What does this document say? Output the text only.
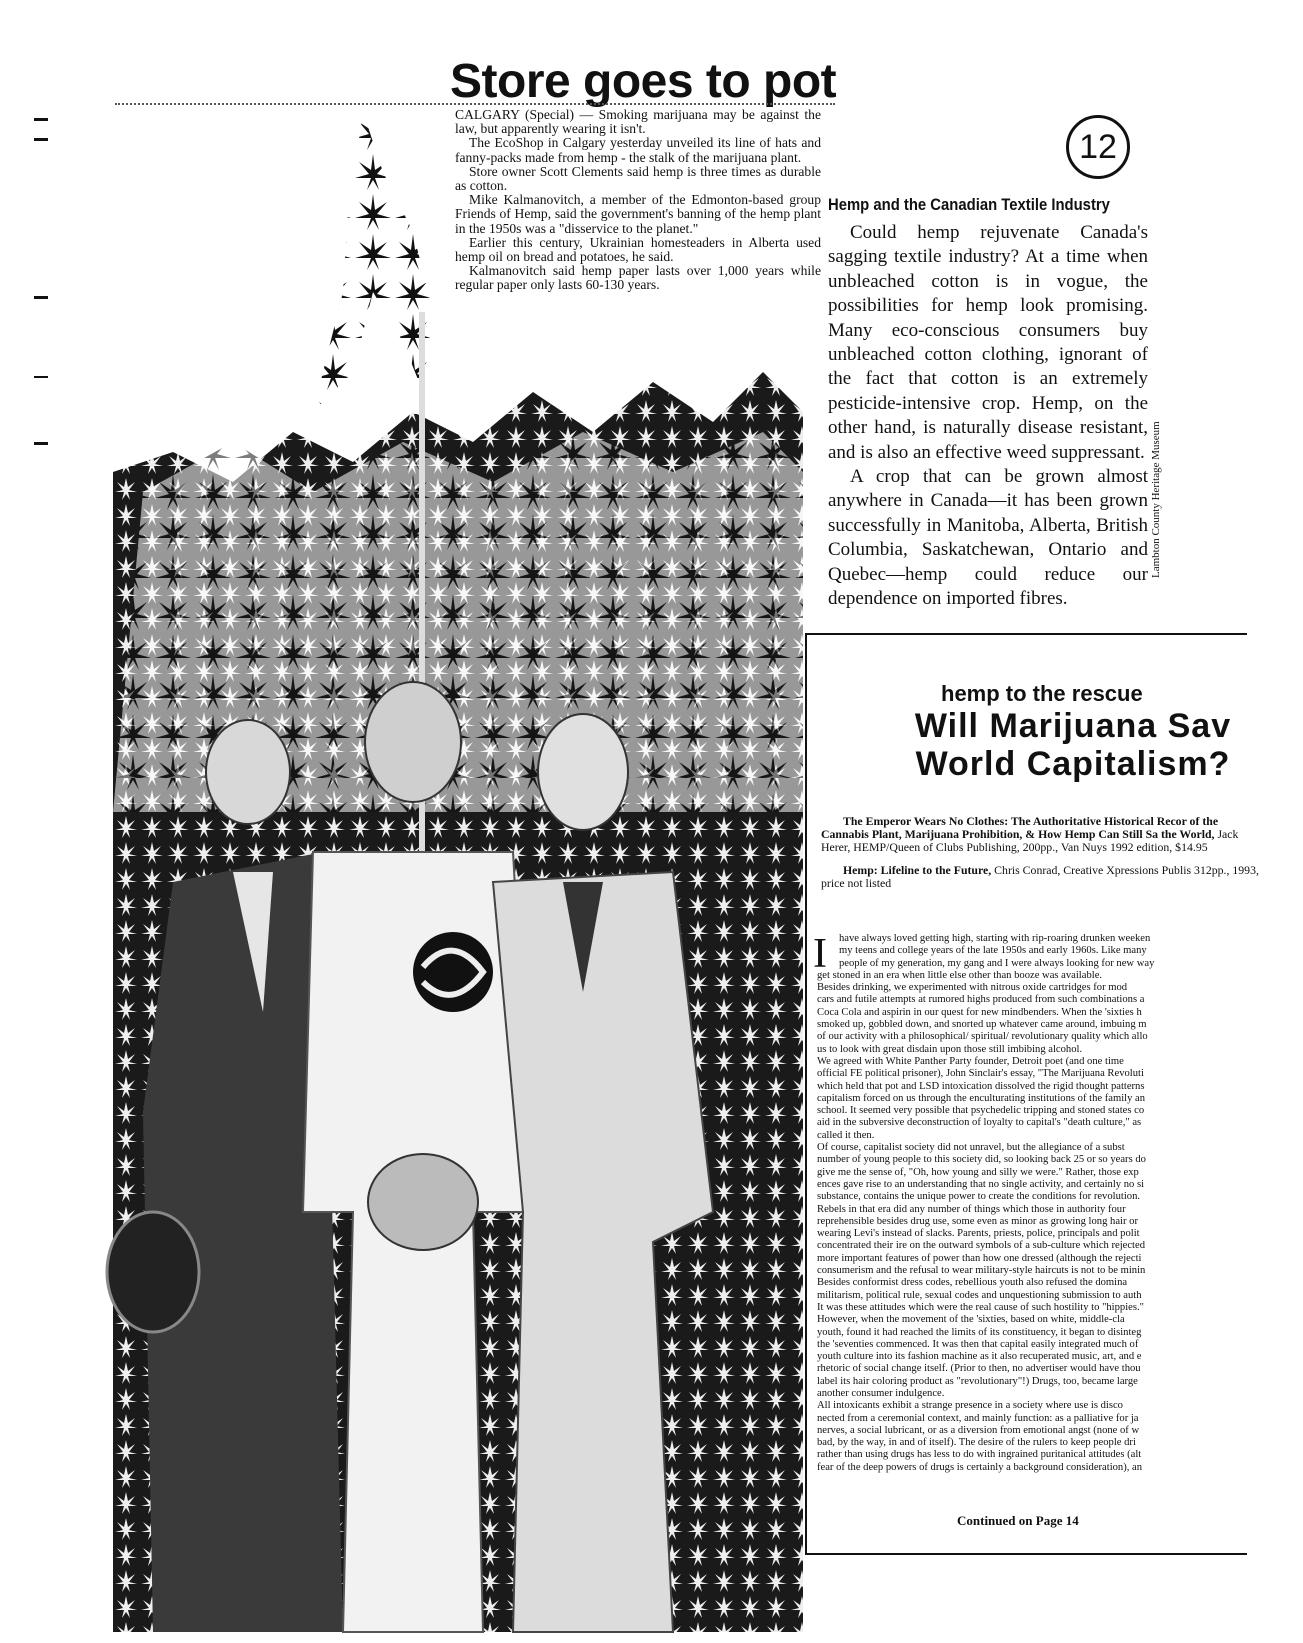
Store goes to pot
12

CALGARY (Special) — Smoking marijuana may be against the law, but apparently wearing it isn't.

The EcoShop in Calgary yesterday unveiled its line of hats and fanny-packs made from hemp - the stalk of the marijuana plant.

Store owner Scott Clements said hemp is three times as durable as cotton.

Mike Kalmanovitch, a member of the Edmonton-based group Friends of Hemp, said the government's banning of the hemp plant in the 1950s was a "disservice to the planet."

Earlier this century, Ukrainian homesteaders in Alberta used hemp oil on bread and potatoes, he said.

Kalmanovitch said hemp paper lasts over 1,000 years while regular paper only lasts 60-130 years.

Lambton County Heritage Museum
Hemp and the Canadian Textile Industry

Could hemp rejuvenate Canada's sagging textile industry? At a time when unbleached cotton is in vogue, the possibilities for hemp look promising. Many eco-conscious consumers buy unbleached cotton clothing, ignorant of the fact that cotton is an extremely pesticide-intensive crop. Hemp, on the other hand, is naturally disease resistant, and is also an effective weed suppressant.

A crop that can be grown almost anywhere in Canada—it has been grown successfully in Manitoba, Alberta, British Columbia, Saskatchewan, Ontario and Quebec—hemp could reduce our dependence on imported fibres.

hemp to the rescue
Will Marijuana Sav
World Capitalism?

The Emperor Wears No Clothes: The Authoritative Historical Recor of the Cannabis Plant, Marijuana Prohibition, & How Hemp Can Still Sa the World, Jack Herer, HEMP/Queen of Clubs Publishing, 200pp., Van Nuys 1992 edition, $14.95

Hemp: Lifeline to the Future, Chris Conrad, Creative Xpressions Publis 312pp., 1993, price not listed

I	have always loved getting high, starting with rip-roaring drunken weeken

my teens and college years of the late 1950s and early 1960s. Like many

people of my generation, my gang and I were always looking for new way

get stoned in an era when little else other than booze was available.

Besides drinking, we experimented with nitrous oxide cartridges for mod

cars and futile attempts at rumored highs produced from such combinations a

Coca Cola and aspirin in our quest for new mindbenders. When the 'sixties h

smoked up, gobbled down, and snorted up whatever came around, imbuing m

of our activity with a philosophical/ spiritual/ revolutionary quality which allo

us to look with great disdain upon those still imbibing alcohol.

We agreed with White Panther Party founder, Detroit poet (and one time

official FE political prisoner), John Sinclair's essay, "The Marijuana Revoluti

which held that pot and LSD intoxication dissolved the rigid thought patterns

capitalism forced on us through the enculturating institutions of the family an

school. It seemed very possible that psychedelic tripping and stoned states co

aid in the subversive deconstruction of loyalty to capital's "death culture," as

called it then.

Of course, capitalist society did not unravel, but the allegiance of a subst

number of young people to this society did, so looking back 25 or so years do

give me the sense of, "Oh, how young and silly we were." Rather, those exp

ences gave rise to an understanding that no single activity, and certainly no si

substance, contains the unique power to create the conditions for revolution.

Rebels in that era did any number of things which those in authority four

reprehensible besides drug use, some even as minor as growing long hair or

wearing Levi's instead of slacks. Parents, priests, police, principals and polit

concentrated their ire on the outward symbols of a sub-culture which rejected

more important features of power than how one dressed (although the rejecti

consumerism and the refusal to wear military-style haircuts is not to be minin

Besides conformist dress codes, rebellious youth also refused the domina

militarism, political rule, sexual codes and unquestioning submission to auth

It was these attitudes which were the real cause of such hostility to "hippies."

However, when the movement of the 'sixties, based on white, middle-cla

youth, found it had reached the limits of its constituency, it began to disinteg

the 'seventies commenced. It was then that capital easily integrated much of

youth culture into its fashion machine as it also recuperated music, art, and e

rhetoric of social change itself. (Prior to then, no advertiser would have thou

label its hair coloring product as "revolutionary"!) Drugs, too, became large

another consumer indulgence.

All intoxicants exhibit a strange presence in a society where use is disco

nected from a ceremonial context, and mainly function: as a palliative for ja

nerves, a social lubricant, or as a diversion from emotional angst (none of w

bad, by the way, in and of itself). The desire of the rulers to keep people dri

rather than using drugs has less to do with ingrained puritanical attitudes (alt

fear of the deep powers of drugs is certainly a background consideration), an

Continued on Page 14
